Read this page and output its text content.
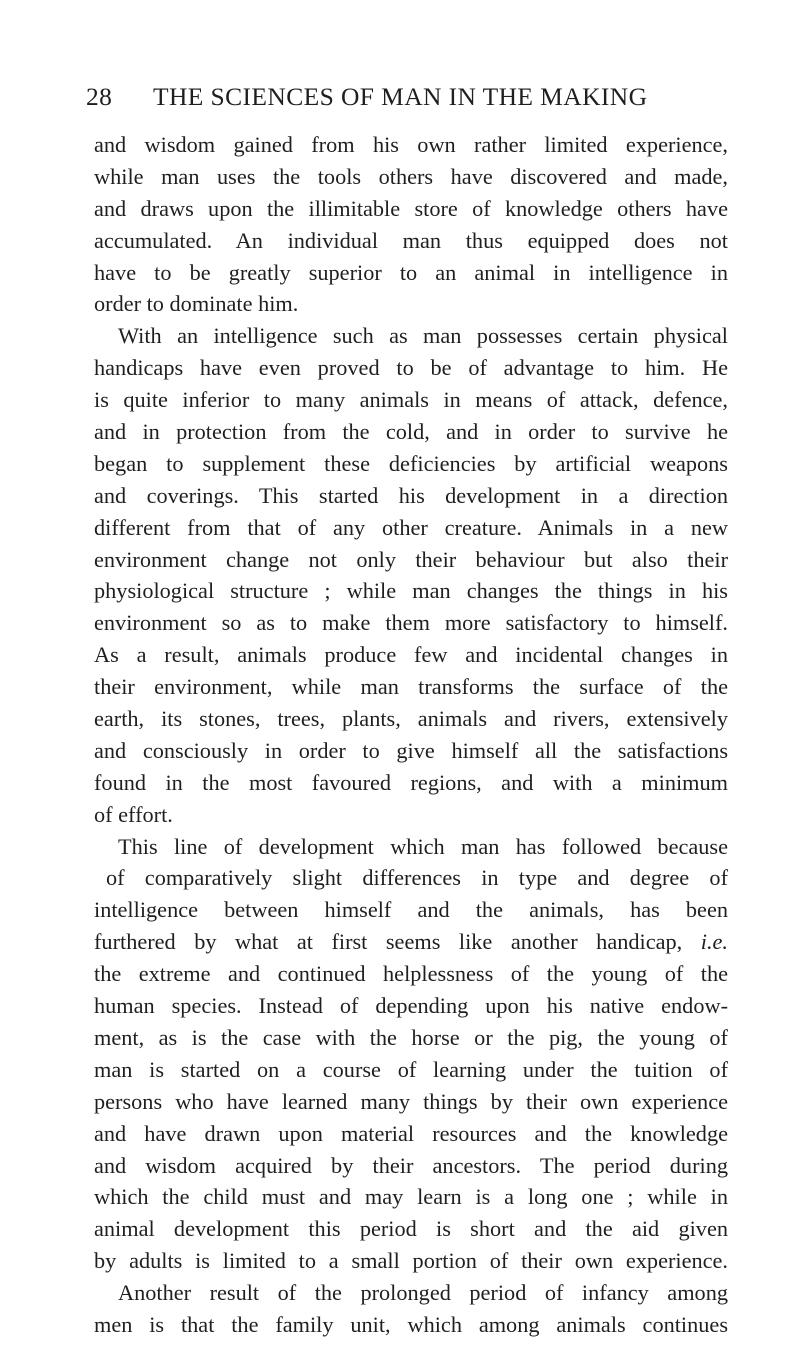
28 THE SCIENCES OF MAN IN THE MAKING
and wisdom gained from his own rather limited experience,
while man uses the tools others have discovered and made,
and draws upon the illimitable store of knowledge others have
accumulated. An individual man thus equipped does not
have to be greatly superior to an animal in intelligence in
order to dominate him.
With an intelligence such as man possesses certain physical
handicaps have even proved to be of advantage to him. He
is quite inferior to many animals in means of attack, defence,
and in protection from the cold, and in order to survive he
began to supplement these deficiencies by artificial weapons
and coverings. This started his development in a direction
different from that of any other creature. Animals in a new
environment change not only their behaviour but also their
physiological structure ; while man changes the things in his
environment so as to make them more satisfactory to himself.
As a result, animals produce few and incidental changes in
their environment, while man transforms the surface of the
earth, its stones, trees, plants, animals and rivers, extensively
and consciously in order to give himself all the satisfactions
found in the most favoured regions, and with a minimum
of effort.
This line of development which man has followed because
of comparatively slight differences in type and degree of
intelligence between himself and the animals, has been
furthered by what at first seems like another handicap, i.e.
the extreme and continued helplessness of the young of the
human species. Instead of depending upon his native endow-
ment, as is the case with the horse or the pig, the young of
man is started on a course of learning under the tuition of
persons who have learned many things by their own experience
and have drawn upon material resources and the knowledge
and wisdom acquired by their ancestors. The period during
which the child must and may learn is a long one ; while in
animal development this period is short and the aid given
by adults is limited to a small portion of their own experience.
Another result of the prolonged period of infancy among
men is that the family unit, which among animals continues
